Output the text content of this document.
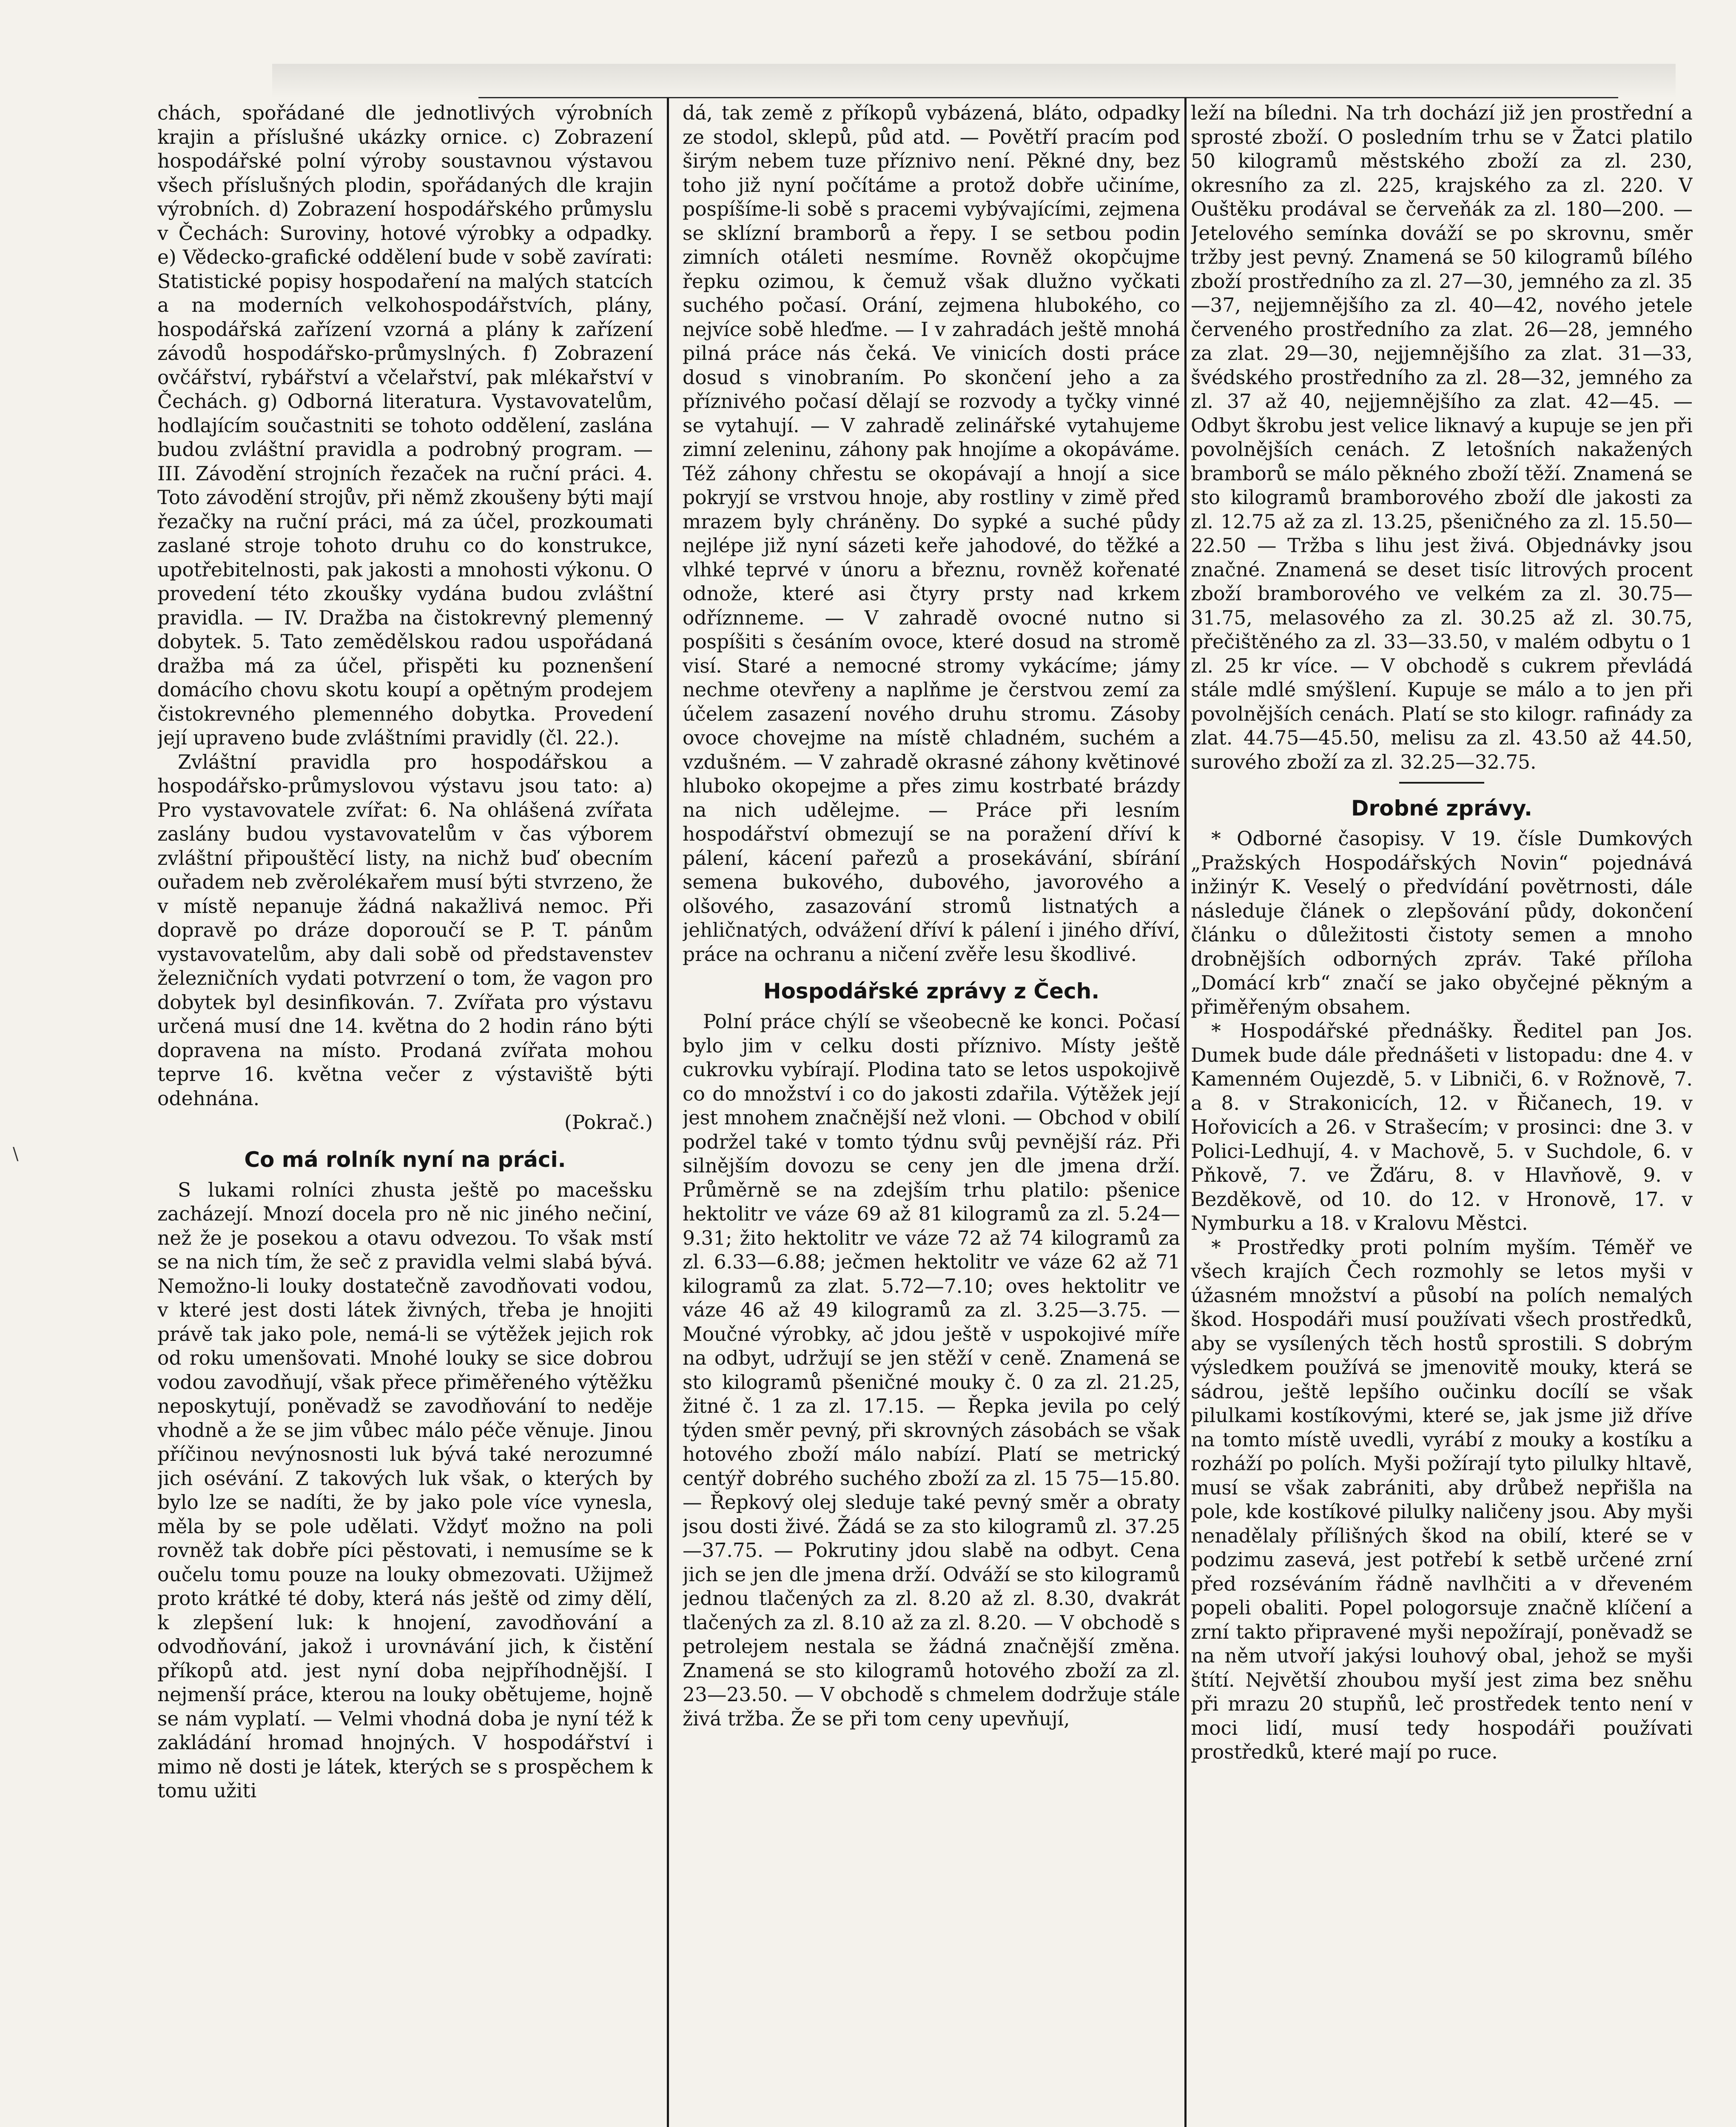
chách, spořádané dle jednotlivých výrobních krajin a příslušné ukázky ornice. c) Zobrazení hospodářské polní výroby soustavnou výstavou všech příslušných plodin, spořádaných dle krajin výrobních. d) Zobrazení hospodářského průmyslu v Čechách: Suroviny, hotové výrobky a odpadky. e) Vědecko-grafické oddělení bude v sobě zavírati: Statistické popisy hospodaření na malých statcích a na moderních velkohospodářstvích, plány, hospodářská zařízení vzorná a plány k zařízení závodů hospodářsko-průmyslných. f) Zobrazení ovčářství, rybářství a včelařství, pak mlékařství v Čechách. g) Odborná literatura. Vystavovatelům, hodlajícím součastniti se tohoto oddělení, zaslána budou zvláštní pravidla a podrobný program. — III. Závodění strojních řezaček na ruční práci. 4. Toto závodění strojův, při němž zkoušeny býti mají řezačky na ruční práci, má za účel, prozkoumati zaslané stroje tohoto druhu co do konstrukce, upotřebitelnosti, pak jakosti a mnohosti výkonu. O provedení této zkoušky vydána budou zvláštní pravidla. — IV. Dražba na čistokrevný plemenný dobytek. 5. Tato zemědělskou radou uspořádaná dražba má za účel, přispěti ku poznenšení domácího chovu skotu koupí a opětným prodejem čistokrevného plemenného dobytka. Provedení její upraveno bude zvláštními pravidly (čl. 22.).

Zvláštní pravidla pro hospodářskou a hospodářsko-průmyslovou výstavu jsou tato: a) Pro vystavovatele zvířat: 6. Na ohlášená zvířata zaslány budou vystavovatelům v čas výborem zvláštní připouštěcí listy, na nichž buď obecním ouřadem neb zvěrolékařem musí býti stvrzeno, že v místě nepanuje žádná nakažlivá nemoc. Při dopravě po dráze doporoučí se P. T. pánům vystavovatelům, aby dali sobě od představenstev železničních vydati potvrzení o tom, že vagon pro dobytek byl desinfikován. 7. Zvířata pro výstavu určená musí dne 14. května do 2 hodin ráno býti dopravena na místo. Prodaná zvířata mohou teprve 16. května večer z výstaviště býti odehnána.

(Pokrač.)
Co má rolník nyní na práci.

S lukami rolníci zhusta ještě po macešsku zacházejí. Mnozí docela pro ně nic jiného nečiní, než že je posekou a otavu odvezou. To však mstí se na nich tím, že seč z pravidla velmi slabá bývá. Nemožno-li louky dostatečně zavodňovati vodou, v které jest dosti látek živných, třeba je hnojiti právě tak jako pole, nemá-li se výtěžek jejich rok od roku umenšovati. Mnohé louky se sice dobrou vodou zavodňují, však přece přiměřeného výtěžku neposkytují, poněvadž se zavodňování to neděje vhodně a že se jim vůbec málo péče věnuje. Jinou příčinou nevýnosnosti luk bývá také nerozumné jich osévání. Z takových luk však, o kterých by bylo lze se nadíti, že by jako pole více vynesla, měla by se pole udělati. Vždyť možno na poli rovněž tak dobře píci pěstovati, i nemusíme se k oučelu tomu pouze na louky obmezovati. Užijmež proto krátké té doby, která nás ještě od zimy dělí, k zlepšení luk: k hnojení, zavodňování a odvodňování, jakož i urovnávání jich, k čistění příkopů atd. jest nyní doba nejpříhodnější. I nejmenší práce, kterou na louky obětujeme, hojně se nám vyplatí. — Velmi vhodná doba je nyní též k zakládání hromad hnojných. V hospodářství i mimo ně dosti je látek, kterých se s prospěchem k tomu užiti

dá, tak země z příkopů vybázená, bláto, odpadky ze stodol, sklepů, půd atd. — Povětří pracím pod širým nebem tuze příznivo není. Pěkné dny, bez toho již nyní počítáme a protož dobře učiníme, pospíšíme-li sobě s pracemi vybývajícími, zejmena se sklízní bramborů a řepy. I se setbou podin zimních otáleti nesmíme. Rovněž okopčujme řepku ozimou, k čemuž však dlužno vyčkati suchého počasí. Orání, zejmena hlubokého, co nejvíce sobě hleďme. — I v zahradách ještě mnohá pilná práce nás čeká. Ve vinicích dosti práce dosud s vinobraním. Po skončení jeho a za příznivého počasí dělají se rozvody a tyčky vinné se vytahují. — V zahradě zelinářské vytahujeme zimní zeleninu, záhony pak hnojíme a okopáváme. Též záhony chřestu se okopávají a hnojí a sice pokryjí se vrstvou hnoje, aby rostliny v zimě před mrazem byly chráněny. Do sypké a suché půdy nejlépe již nyní sázeti keře jahodové, do těžké a vlhké teprvé v únoru a březnu, rovněž kořenaté odnože, které asi čtyry prsty nad krkem odříznneme. — V zahradě ovocné nutno si pospíšiti s česáním ovoce, které dosud na stromě visí. Staré a nemocné stromy vykácíme; jámy nechme otevřeny a naplňme je čerstvou zemí za účelem zasazení nového druhu stromu. Zásoby ovoce chovejme na místě chladném, suchém a vzdušném. — V zahradě okrasné záhony květinové hluboko okopejme a přes zimu kostrbaté brázdy na nich udělejme. — Práce při lesním hospodářství obmezují se na poražení dříví k pálení, kácení pařezů a prosekávání, sbírání semena bukového, dubového, javorového a olšového, zasazování stromů listnatých a jehličnatých, odvážení dříví k pálení i jiného dříví, práce na ochranu a ničení zvěře lesu škodlivé.

Hospodářské zprávy z Čech.

Polní práce chýlí se všeobecně ke konci. Počasí bylo jim v celku dosti příznivo. Místy ještě cukrovku vybírají. Plodina tato se letos uspokojivě co do množství i co do jakosti zdařila. Výtěžek její jest mnohem značnější než vloni. — Obchod v obilí podržel také v tomto týdnu svůj pevnější ráz. Při silnějším dovozu se ceny jen dle jmena drží. Průměrně se na zdejším trhu platilo: pšenice hektolitr ve váze 69 až 81 kilogramů za zl. 5.24—9.31; žito hektolitr ve váze 72 až 74 kilogramů za zl. 6.33—6.88; ječmen hektolitr ve váze 62 až 71 kilogramů za zlat. 5.72—7.10; oves hektolitr ve váze 46 až 49 kilogramů za zl. 3.25—3.75. — Moučné výrobky, ač jdou ještě v uspokojivé míře na odbyt, udržují se jen stěží v ceně. Znamená se sto kilogramů pšeničné mouky č. 0 za zl. 21.25, žitné č. 1 za zl. 17.15. — Řepka jevila po celý týden směr pevný, při skrovných zásobách se však hotového zboží málo nabízí. Platí se metrický centýř dobrého suchého zboží za zl. 15 75—15.80. — Řepkový olej sleduje také pevný směr a obraty jsou dosti živé. Žádá se za sto kilogramů zl. 37.25—37.75. — Pokrutiny jdou slabě na odbyt. Cena jich se jen dle jmena drží. Odváží se sto kilogramů jednou tlačených za zl. 8.20 až zl. 8.30, dvakrát tlačených za zl. 8.10 až za zl. 8.20. — V obchodě s petrolejem nestala se žádná značnější změna. Znamená se sto kilogramů hotového zboží za zl. 23—23.50. — V obchodě s chmelem dodržuje stále živá tržba. Že se při tom ceny upevňují,

leží na bíledni. Na trh dochází již jen prostřední a sprosté zboží. O posledním trhu se v Žatci platilo 50 kilogramů městského zboží za zl. 230, okresního za zl. 225, krajského za zl. 220. V Ouštěku prodával se červeňák za zl. 180—200. — Jetelového semínka dováží se po skrovnu, směr tržby jest pevný. Znamená se 50 kilogramů bílého zboží prostředního za zl. 27—30, jemného za zl. 35—37, nejjemnějšího za zl. 40—42, nového jetele červeného prostředního za zlat. 26—28, jemného za zlat. 29—30, nejjemnějšího za zlat. 31—33, švédského prostředního za zl. 28—32, jemného za zl. 37 až 40, nejjemnějšího za zlat. 42—45. — Odbyt škrobu jest velice liknavý a kupuje se jen při povolnějších cenách. Z letošních nakažených bramborů se málo pěkného zboží těží. Znamená se sto kilogramů bramborového zboží dle jakosti za zl. 12.75 až za zl. 13.25, pšeničného za zl. 15.50—22.50 — Tržba s lihu jest živá. Objednávky jsou značné. Znamená se deset tisíc litrových procent zboží bramborového ve velkém za zl. 30.75—31.75, melasového za zl. 30.25 až zl. 30.75, přečištěného za zl. 33—33.50, v malém odbytu o 1 zl. 25 kr více. — V obchodě s cukrem převládá stále mdlé smýšlení. Kupuje se málo a to jen při povolnějších cenách. Platí se sto kilogr. rafinády za zlat. 44.75—45.50, melisu za zl. 43.50 až 44.50, surového zboží za zl. 32.25—32.75.

Drobné zprávy.

* Odborné časopisy. V 19. čísle Dumkových „Pražských Hospodářských Novin“ pojednává inžinýr K. Veselý o předvídání povětrnosti, dále následuje článek o zlepšování půdy, dokončení článku o důležitosti čistoty semen a mnoho drobnějších odborných zpráv. Také příloha „Domácí krb“ značí se jako obyčejné pěkným a přiměřeným obsahem.

* Hospodářské přednášky. Ředitel pan Jos. Dumek bude dále přednášeti v listopadu: dne 4. v Kamenném Oujezdě, 5. v Libniči, 6. v Rožnově, 7. a 8. v Strakonicích, 12. v Řičanech, 19. v Hořovicích a 26. v Strašecím; v prosinci: dne 3. v Polici-Ledhují, 4. v Machově, 5. v Suchdole, 6. v Pňkově, 7. ve Žďáru, 8. v Hlavňově, 9. v Bezděkově, od 10. do 12. v Hronově, 17. v Nymburku a 18. v Kralovu Městci.

* Prostředky proti polním myším. Téměř ve všech krajích Čech rozmohly se letos myši v úžasném množství a působí na polích nemalých škod. Hospodáři musí používati všech prostředků, aby se vysílených těch hostů sprostili. S dobrým výsledkem používá se jmenovitě mouky, která se sádrou, ještě lepšího oučinku docílí se však pilulkami kostíkovými, které se, jak jsme již dříve na tomto místě uvedli, vyrábí z mouky a kostíku a rozháží po polích. Myši požírají tyto pilulky hltavě, musí se však zabrániti, aby drůbež nepřišla na pole, kde kostíkové pilulky naličeny jsou. Aby myši nenadělaly přílišných škod na obilí, které se v podzimu zasevá, jest potřebí k setbě určené zrní před rozséváním řádně navlhčiti a v dřeveném popeli obaliti. Popel pologorsuje značně klíčení a zrní takto připravené myši nepožírají, poněvadž se na něm utvoří jakýsi louhový obal, jehož se myši štítí. Největší zhoubou myší jest zima bez sněhu při mrazu 20 stupňů, leč prostředek tento není v moci lidí, musí tedy hospodáři používati prostředků, které mají po ruce.

\
